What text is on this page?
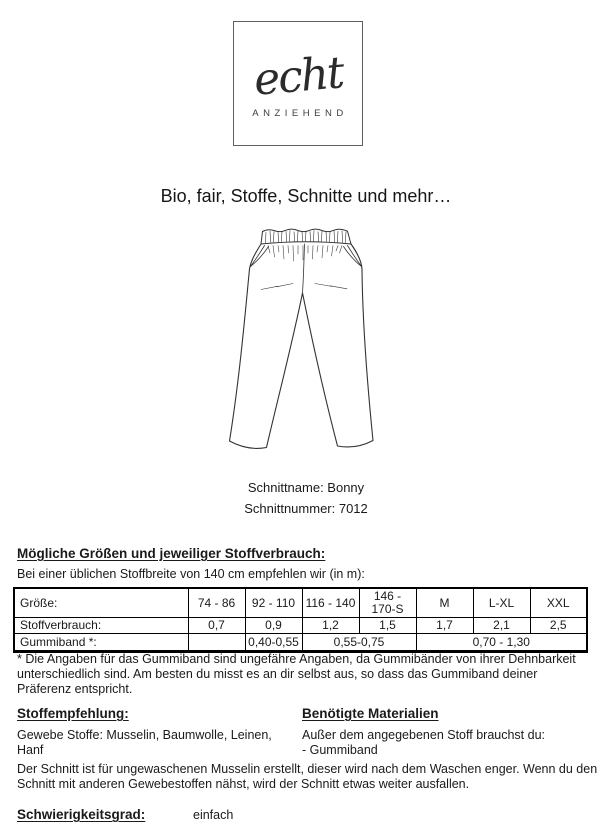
echt
ANZIEHEND
Bio, fair, Stoffe, Schnitte und mehr…
Schnittname: Bonny
Schnittnummer: 7012
Mögliche Größen und jeweiliger Stoffverbrauch:
Bei einer üblichen Stoffbreite von 140 cm empfehlen wir (in m):
Größe:	74 - 86	92 - 110	116 - 140	146 - 170-S	M	L-XL	XXL
Stoffverbrauch:	0,7	0,9	1,2	1,5	1,7	2,1	2,5
Gummiband *:		0,40-0,55	0,55-0,75		0,70 - 1,30		
* Die Angaben für das Gummiband sind ungefähre Angaben, da Gummibänder von ihrer Dehnbarkeit unterschiedlich sind. Am besten du misst es an dir selbst aus, so dass das Gummiband deiner Präferenz entspricht.
Stoffempfehlung:
Gewebe Stoffe: Musselin, Baumwolle, Leinen, Hanf
Benötigte Materialien
Außer dem angegebenen Stoff brauchst du:
- Gummiband
Der Schnitt ist für ungewaschenen Musselin erstellt, dieser wird nach dem Waschen enger. Wenn du den Schnitt mit anderen Gewebestoffen nähst, wird der Schnitt etwas weiter ausfallen.
Schwierigkeitsgrad:	einfach
